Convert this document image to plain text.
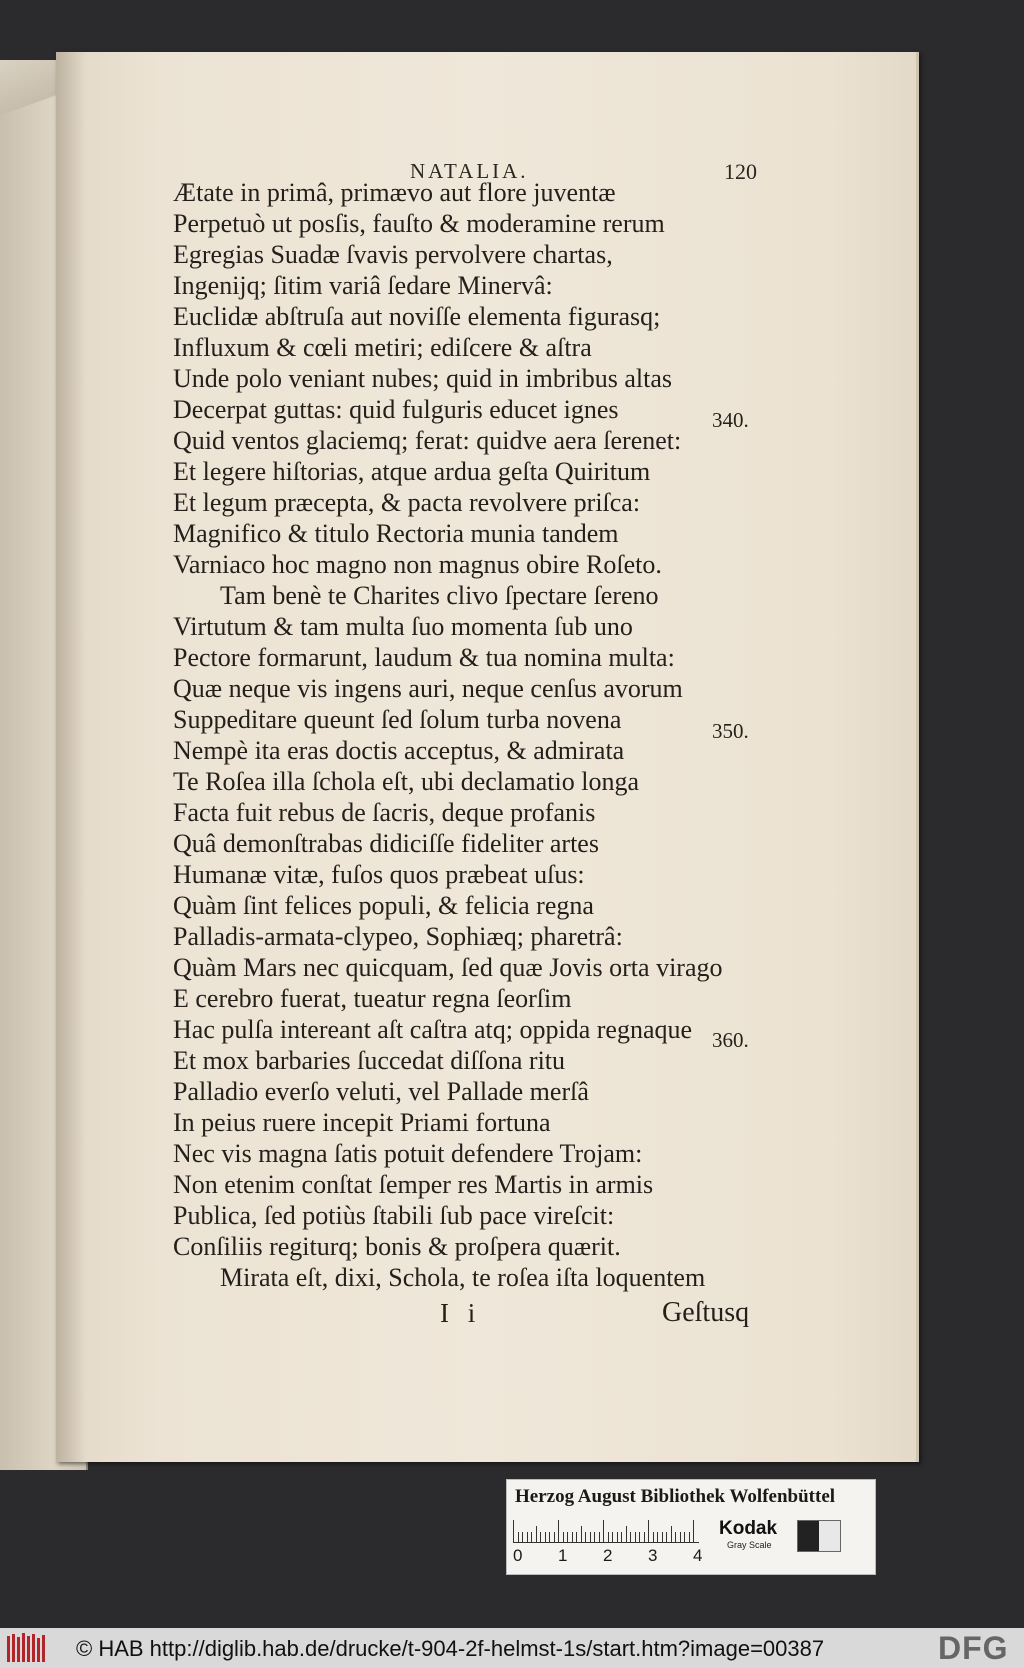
NATALIA.	120
Ætate in primâ, primævo aut flore juventæ
Perpetuò ut posſis, fauſto & moderamine rerum
Egregias Suadæ ſvavis pervolvere chartas,
Ingenijq; ſitim variâ ſedare Minervâ:
Euclidæ abſtruſa aut noviſſe elementa figurasq;
Influxum & cœli metiri; ediſcere & aſtra
Unde polo veniant nubes; quid in imbribus altas
Decerpat guttas: quid fulguris educet ignes
Quid ventos glaciemq; ferat: quidve aera ſerenet:
Et legere hiſtorias, atque ardua geſta Quiritum
Et legum præcepta, & pacta revolvere priſca:
Magnifico & titulo Rectoria munia tandem
Varniaco hoc magno non magnus obire Roſeto.
Tam benè te Charites clivo ſpectare ſereno
Virtutum & tam multa ſuo momenta ſub uno
Pectore formarunt, laudum & tua nomina multa:
Quæ neque vis ingens auri, neque cenſus avorum
Suppeditare queunt ſed ſolum turba novena
Nempè ita eras doctis acceptus, & admirata
Te Roſea illa ſchola eſt, ubi declamatio longa
Facta fuit rebus de ſacris, deque profanis
Quâ demonſtrabas didiciſſe fideliter artes
Humanæ vitæ, fuſos quos præbeat uſus:
Quàm ſint felices populi, & felicia regna
Palladis-armata-clypeo, Sophiæq; pharetrâ:
Quàm Mars nec quicquam, ſed quæ Jovis orta virago
E cerebro fuerat, tueatur regna ſeorſim
Hac pulſa intereant aſt caſtra atq; oppida regnaque
Et mox barbaries ſuccedat diſſona ritu
Palladio everſo veluti, vel Pallade merſâ
In peius ruere incepit Priami fortuna
Nec vis magna ſatis potuit defendere Trojam:
Non etenim conſtat ſemper res Martis in armis
Publica, ſed potiùs ſtabili ſub pace vireſcit:
Conſiliis regiturq; bonis & proſpera quærit.
Mirata eſt, dixi, Schola, te roſea iſta loquentem
340.
350.
360.
I i	Geſtusq
Herzog August Bibliothek Wolfenbüttel
0 1 2 3 4
Kodak
Gray Scale
© HAB http://diglib.hab.de/drucke/t-904-2f-helmst-1s/start.htm?image=00387	DFG
